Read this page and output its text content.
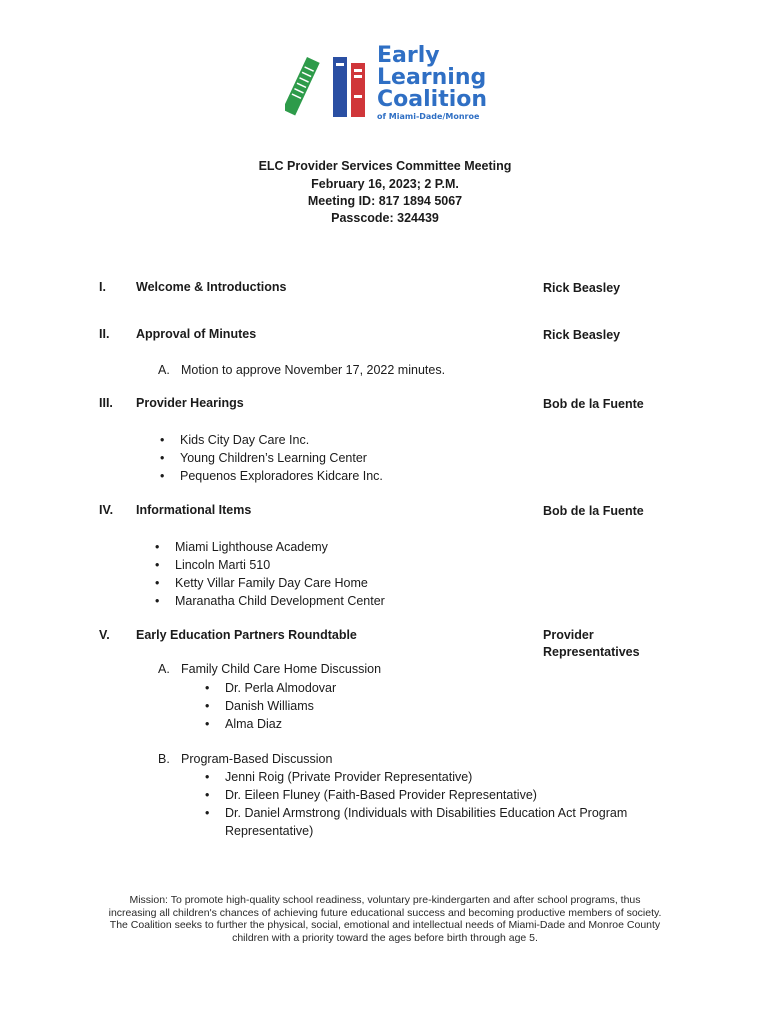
Early
Learning
Coalition
of Miami-Dade/Monroe
ELC Provider Services Committee Meeting
February 16, 2023; 2 P.M.
Meeting ID: 817 1894 5067
Passcode: 324439
I. Welcome & Introductions	Rick Beasley
II. Approval of Minutes	Rick Beasley
A. Motion to approve November 17, 2022 minutes.
III. Provider Hearings	Bob de la Fuente
• Kids City Day Care Inc.
• Young Children’s Learning Center
• Pequenos Exploradores Kidcare Inc.
IV. Informational Items	Bob de la Fuente
• Miami Lighthouse Academy
• Lincoln Marti 510
• Ketty Villar Family Day Care Home
• Maranatha Child Development Center
V. Early Education Partners Roundtable	Provider
Representatives
A. Family Child Care Home Discussion
• Dr. Perla Almodovar
• Danish Williams
• Alma Diaz
B. Program-Based Discussion
• Jenni Roig (Private Provider Representative)
• Dr. Eileen Fluney (Faith-Based Provider Representative)
• Dr. Daniel Armstrong (Individuals with Disabilities Education Act Program
Representative)
Mission: To promote high-quality school readiness, voluntary pre-kindergarten and after school programs, thus
increasing all children's chances of achieving future educational success and becoming productive members of society.
The Coalition seeks to further the physical, social, emotional and intellectual needs of Miami-Dade and Monroe County
children with a priority toward the ages before birth through age 5.
